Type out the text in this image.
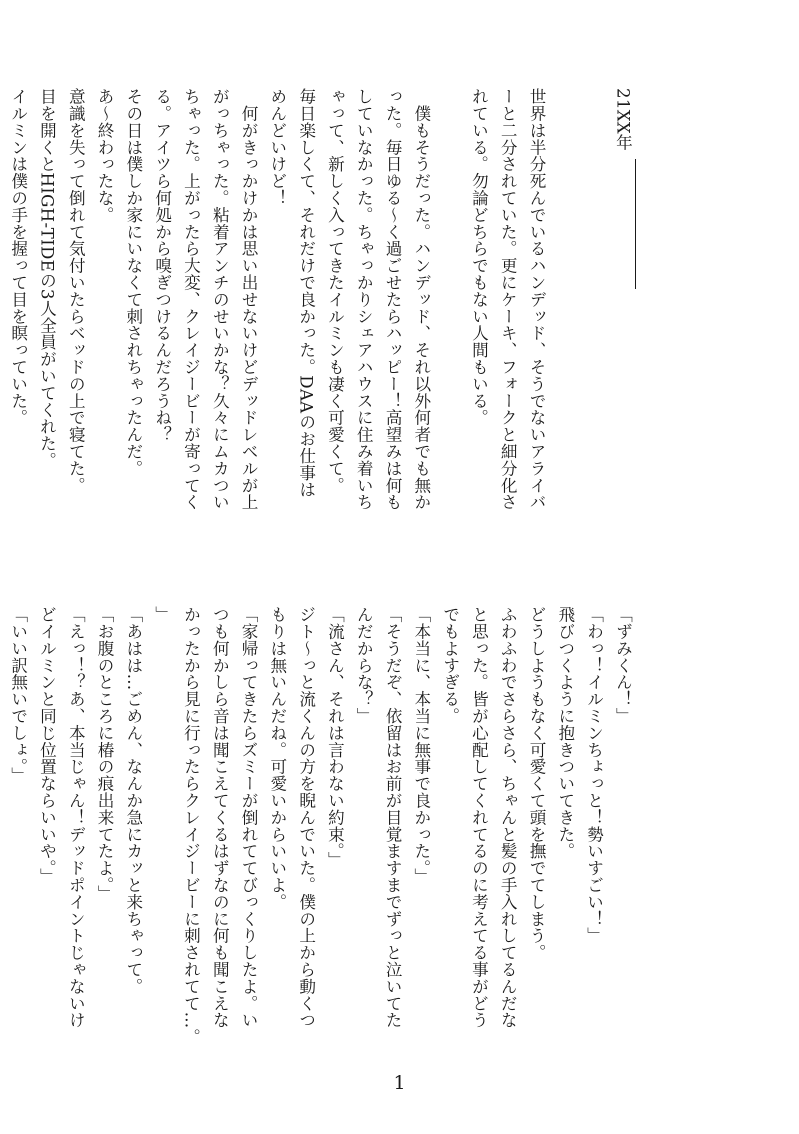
21XX年

世界は半分死んでいるハンデッド、そうでないアライバ
ーと二分されていた。更にケーキ、フォークと細分化さ
れている。勿論どちらでもない人間もいる。

　僕もそうだった。ハンデッド、それ以外何者でも無か
った。毎日ゆる〜く過ごせたらハッピー！高望みは何も
していなかった。ちゃっかりシェアハウスに住み着いち
ゃって、新しく入ってきたイルミンも凄く可愛くて。
毎日楽しくて、それだけで良かった。DAAのお仕事は
めんどいけど！
　何がきっかけかは思い出せないけどデッドレベルが上
がっちゃった。粘着アンチのせいかな？久々にムカつい
ちゃった。上がったら大変、クレイジービーが寄ってく
る。アイツら何処から嗅ぎつけるんだろうね？
その日は僕しか家にいなくて刺されちゃったんだ。
あ〜終わったな。
意識を失って倒れて気付いたらベッドの上で寝てた。
目を開くとHIGH-TIDEの3人全員がいてくれた。
イルミンは僕の手を握って目を瞑っていた。

「ずみくん！」
「わっ！イルミンちょっと！勢いすごい！」
飛びつくように抱きついてきた。
どうしようもなく可愛くて頭を撫でてしまう。
ふわふわでさらさら、ちゃんと髪の手入れしてるんだな
と思った。皆が心配してくれてるのに考えてる事がどう
でもよすぎる。
「本当に、本当に無事で良かった。」
「そうだぞ、依留はお前が目覚ますまでずっと泣いてた
んだからな？」
「流さん、それは言わない約束。」
ジト〜っと流くんの方を睨んでいた。僕の上から動くつ
もりは無いんだね。可愛いからいいよ。
「家帰ってきたらズミーが倒れててびっくりしたよ。い
つも何かしら音は聞こえてくるはずなのに何も聞こえな
かったから見に行ったらクレイジービーに刺されてて…。
」
「あはは…ごめん、なんか急にカッと来ちゃって。
「お腹のところに椿の痕出来てたよ。」
「えっ！？あ、本当じゃん！デッドポイントじゃないけ
どイルミンと同じ位置ならいいや。」
「いい訳無いでしょ。」
1
